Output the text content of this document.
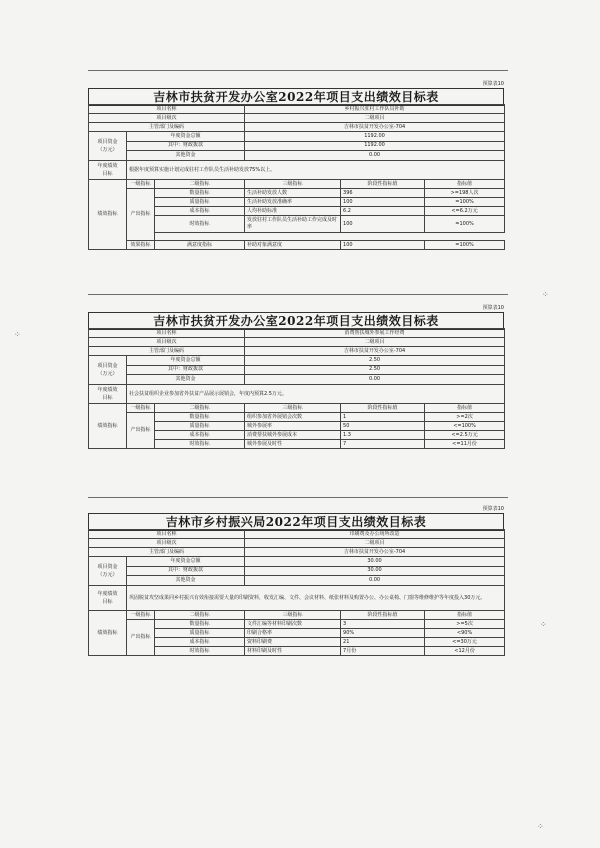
⁘
⁘
⁘
⁘
预算表10
吉林市扶贫开发办公室2022年项目支出绩效目标表
项目名称			乡村振兴驻村工作队员补助		
项目级次			二级项目		
主管部门及编码			吉林市扶贫开发办公室-704		
项目资金
（万元）	年度资金总额		1192.00		
	其中：财政拨款		1192.00		
	其他资金		0.00		
年度绩效
目标	根据年度预算实施计划完成驻村工作队员生活补助发放75%以上。				
绩效指标	一级指标	二级指标	三级指标	阶段性指标值	指标值
	产出指标	数量指标	生活补助发放人数	396	>=198人次
		质量指标	生活补助发放准确率	100	=100%
		成本指标	人均补助标准	6.2	<=6.2万元
		时效指标	发放驻村工作队员生活补助工作完成及时率	100	=100%

	效果指标	满意度指标	补助对象满意度	100	=100%
预算表10
吉林市扶贫开发办公室2022年项目支出绩效目标表
项目名称			消费帮扶城外参展工作经费		
项目级次			二级项目		
主管部门及编码			吉林市扶贫开发办公室-704		
项目资金
（万元）	年度资金总额		2.50		
	其中：财政拨款		2.50		
	其他资金		0.00		
年度绩效
目标	社会扶贫组织企业参加省外扶贫产品展示展销会，年度内预算2.5万元。				
绩效指标	一级指标	二级指标	三级指标	阶段性指标值	指标值
	产出指标	数量指标	组织参加省外展销会次数	1	>=2次
		质量指标	城外参展率	50	<=100%
		成本指标	消费帮扶城外参展成本	1.3	<=2.5万元
		时效指标	城外参展及时性	7	<=11月份
预算表10
吉林市乡村振兴局2022年项目支出绩效目标表
项目名称			印刷费及办公场所改造		
项目级次			二级项目		
主管部门及编码			吉林市扶贫开发办公室-704		
项目资金
（万元）	年度资金总额		30.00		
	其中：财政拨款		30.00		
	其他资金		0.00		
年度绩效
目标	巩固脱贫攻坚成果同乡村振兴有效衔接需要大量的印刷资料，收发汇编、文件、会议材料、纸张材料及购置办公、办公桌椅、门窗等维修维护等年度投入30万元。				
绩效指标	一级指标	二级指标	三级指标	阶段性指标值	指标值
	产出指标	数量指标	文件汇编等材料印刷次数	3	>=5次
		质量指标	印刷合格率	90%	<90%
		成本指标	资料印刷费	21	<=30万元
		时效指标	材料印刷及时性	7月份	<12月份
